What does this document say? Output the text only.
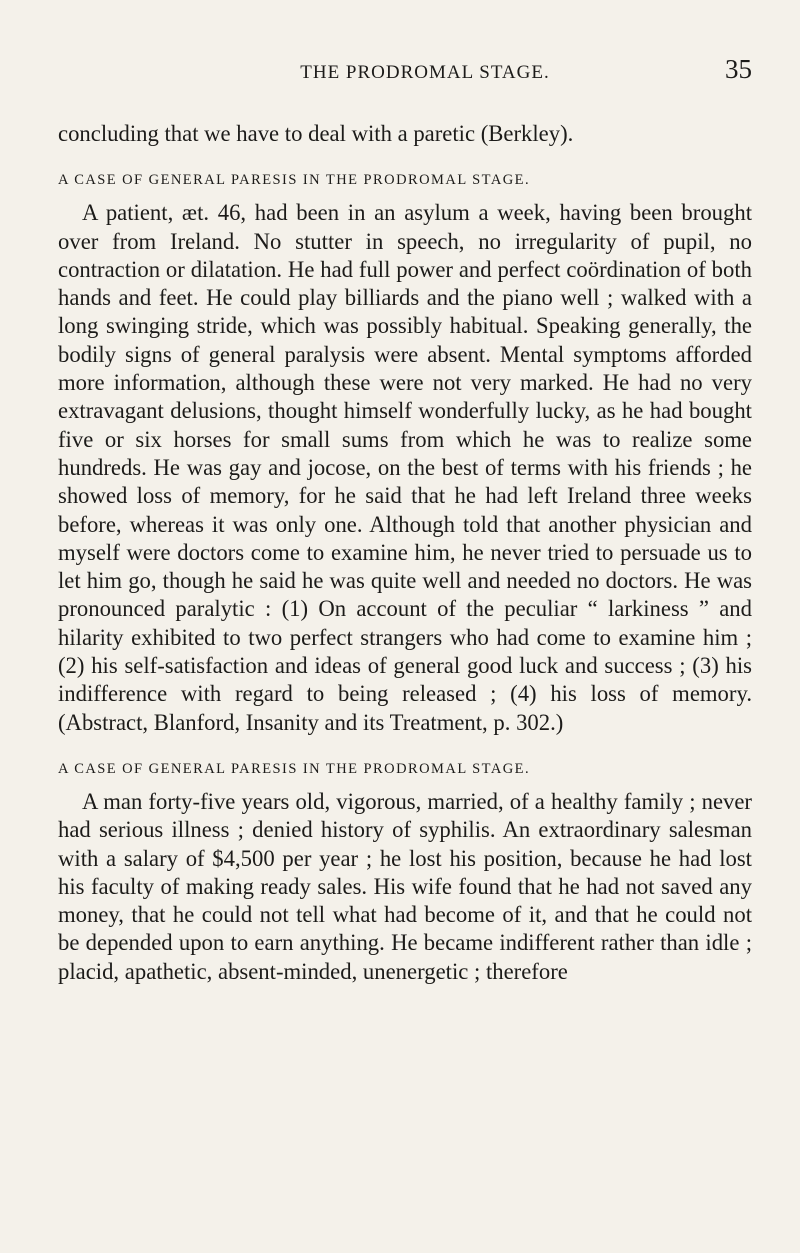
THE PRODROMAL STAGE.	35

concluding that we have to deal with a paretic (Berkley).

A CASE OF GENERAL PARESIS IN THE PRODROMAL STAGE.

A patient, æt. 46, had been in an asylum a week, having been brought over from Ireland. No stutter in speech, no irregularity of pupil, no contraction or dilatation. He had full power and perfect coördination of both hands and feet. He could play billiards and the piano well ; walked with a long swinging stride, which was possibly habitual. Speaking generally, the bodily signs of general paralysis were absent. Mental symptoms afforded more information, although these were not very marked. He had no very extravagant delusions, thought himself wonderfully lucky, as he had bought five or six horses for small sums from which he was to realize some hundreds. He was gay and jocose, on the best of terms with his friends ; he showed loss of memory, for he said that he had left Ireland three weeks before, whereas it was only one. Although told that another physician and myself were doctors come to examine him, he never tried to persuade us to let him go, though he said he was quite well and needed no doctors. He was pronounced paralytic : (1) On account of the peculiar “ larkiness ” and hilarity exhibited to two perfect strangers who had come to examine him ; (2) his self-satisfaction and ideas of general good luck and success ; (3) his indifference with regard to being released ; (4) his loss of memory. (Abstract, Blanford, Insanity and its Treatment, p. 302.)

A CASE OF GENERAL PARESIS IN THE PRODROMAL STAGE.

A man forty-five years old, vigorous, married, of a healthy family ; never had serious illness ; denied history of syphilis. An extraordinary salesman with a salary of $4,500 per year ; he lost his position, because he had lost his faculty of making ready sales. His wife found that he had not saved any money, that he could not tell what had become of it, and that he could not be depended upon to earn anything. He became indifferent rather than idle ; placid, apathetic, absent-minded, unenergetic ; therefore
